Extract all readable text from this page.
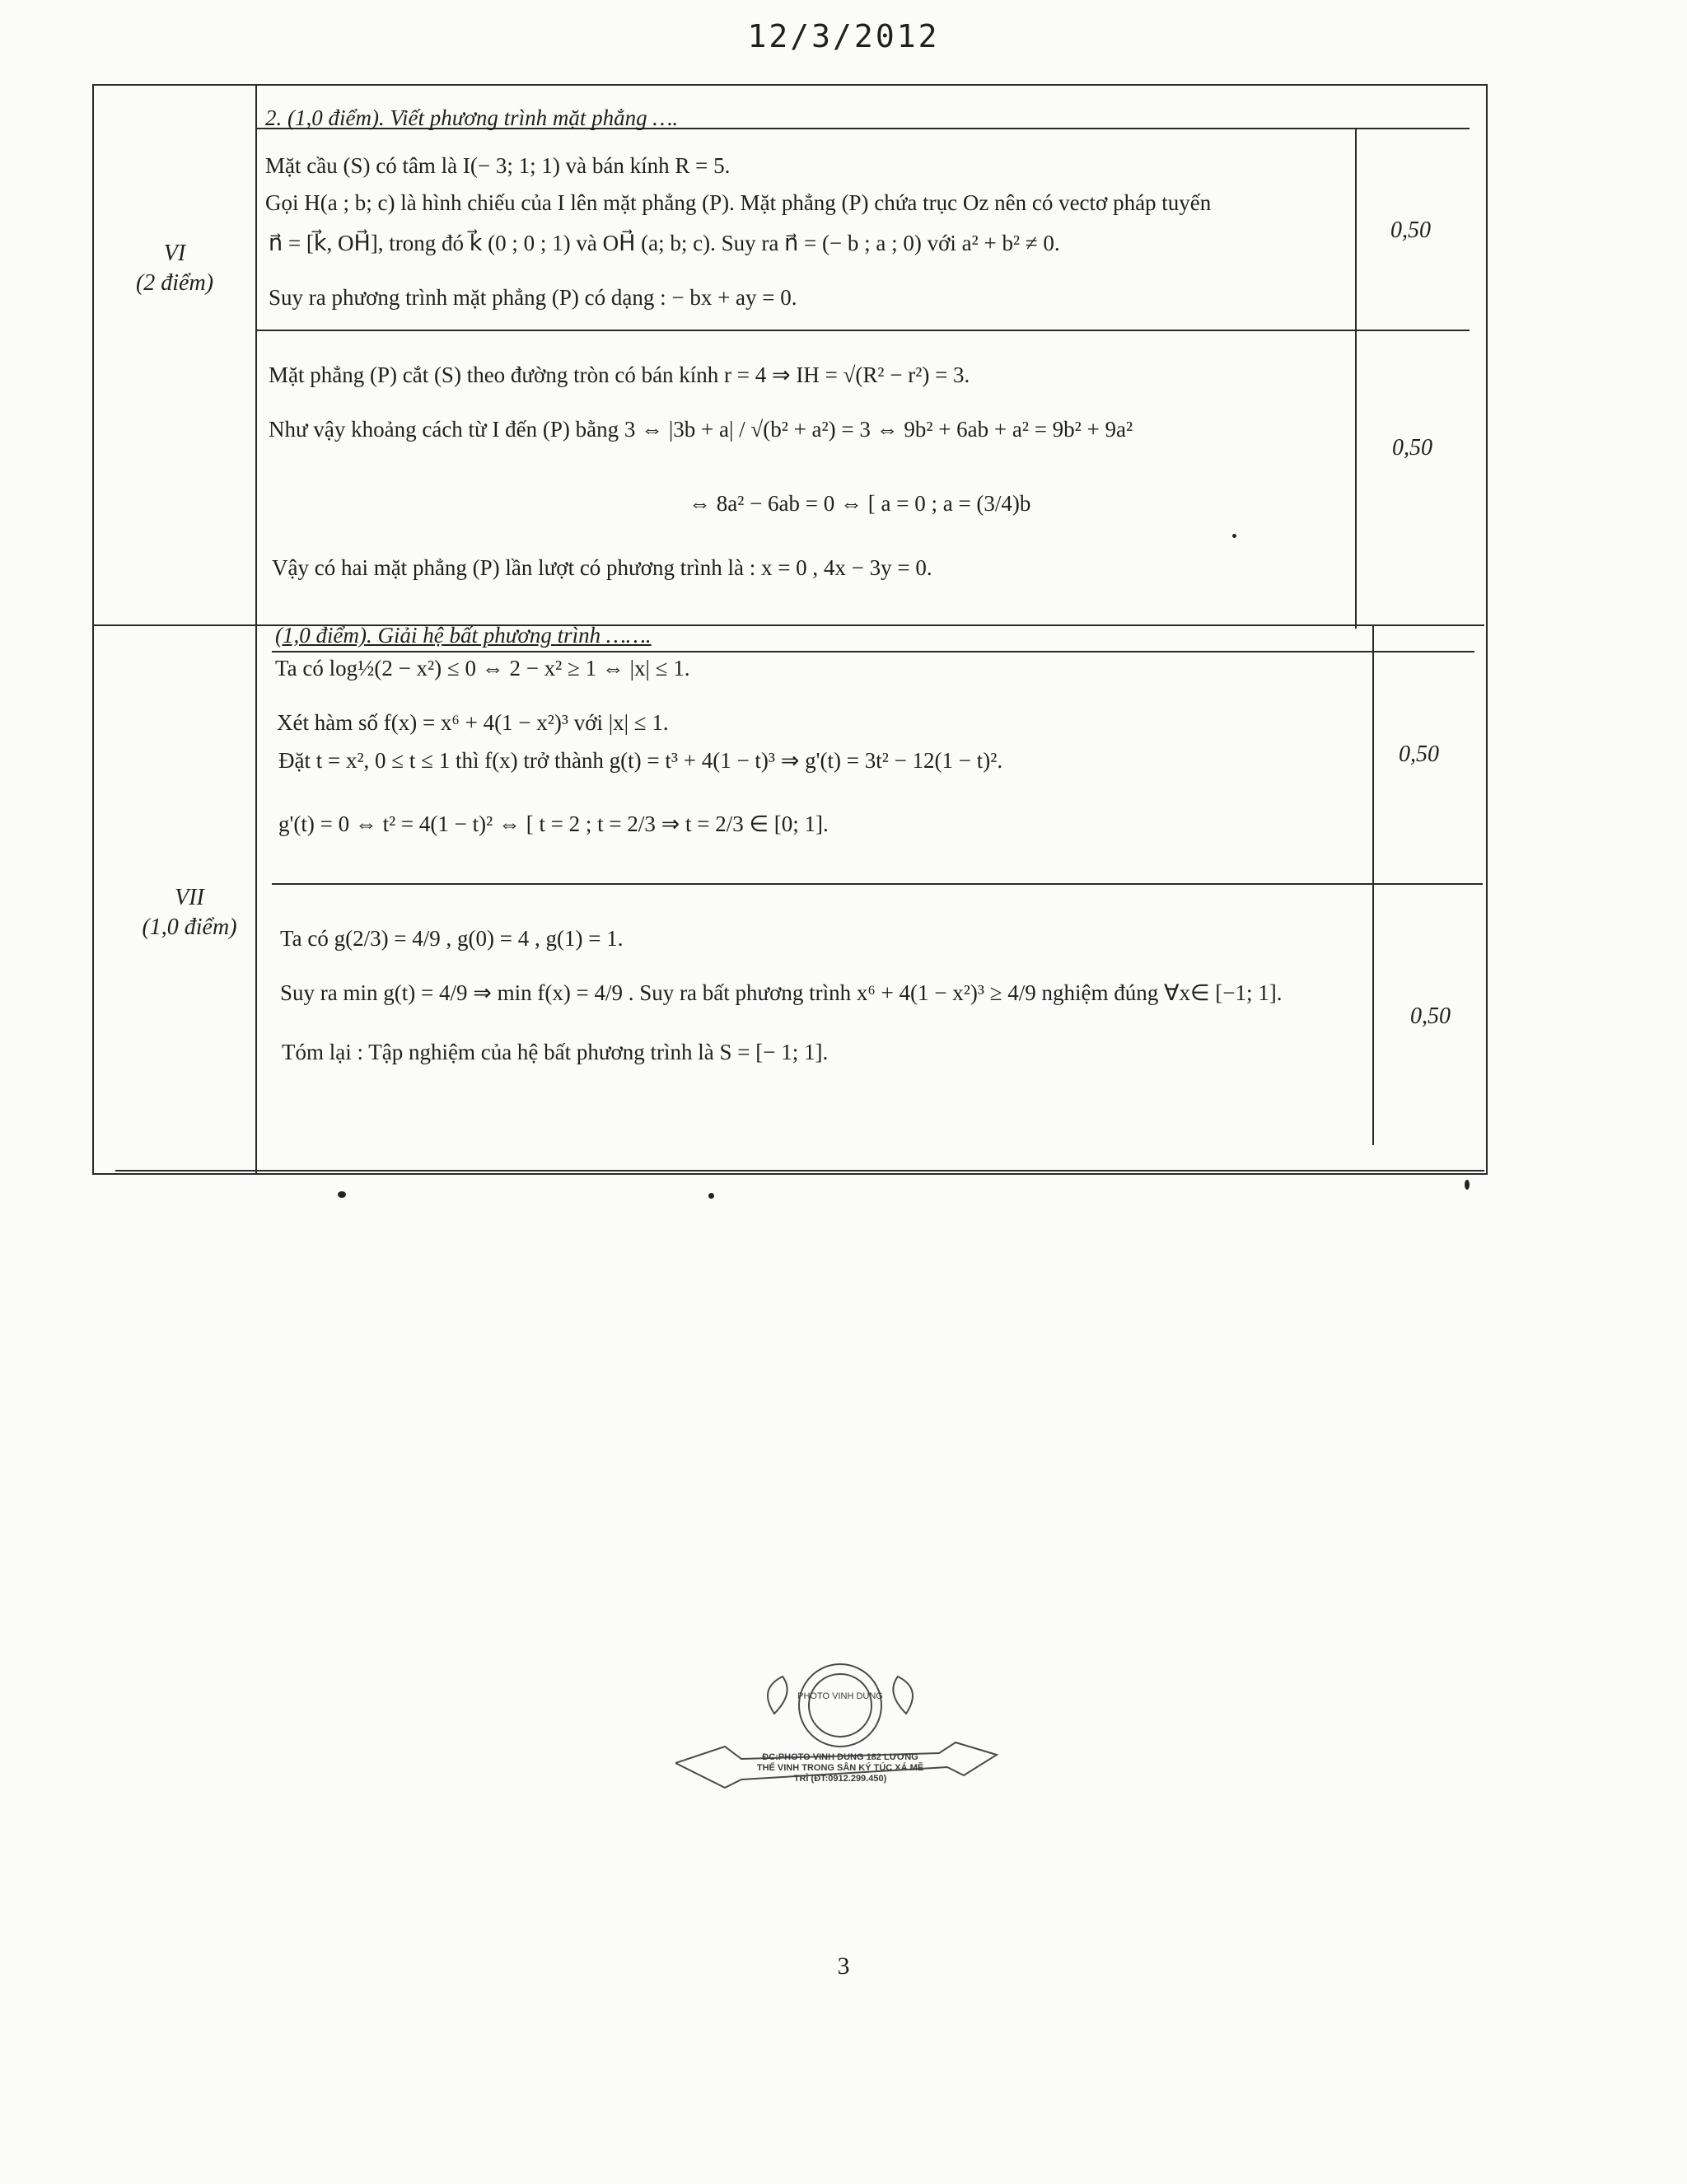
12/3/2012
VI
(2 điểm)
2. (1,0 điểm). Viết phương trình mặt phẳng ….
Mặt cầu (S) có tâm là I(− 3; 1; 1) và bán kính R = 5.
Gọi H(a ; b; c) là hình chiếu của I lên mặt phẳng (P). Mặt phẳng (P) chứa trục Oz nên có vectơ pháp tuyến
n⃗ = [k⃗, OH⃗], trong đó k⃗ (0 ; 0 ; 1) và OH⃗ (a; b; c). Suy ra n⃗ = (− b ; a ; 0) với a² + b² ≠ 0.
Suy ra phương trình mặt phẳng (P) có dạng : − bx + ay = 0.
0,50
Mặt phẳng (P) cắt (S) theo đường tròn có bán kính r = 4 ⇒ IH = √(R² − r²) = 3.
Như vậy khoảng cách từ I đến (P) bằng 3 ⇔ |3b + a| / √(b² + a²) = 3 ⇔ 9b² + 6ab + a² = 9b² + 9a²
⇔ 8a² − 6ab = 0 ⇔ [ a = 0 ; a = (3/4)b
Vậy có hai mặt phẳng (P) lần lượt có phương trình là : x = 0 , 4x − 3y = 0.
0,50
VII
(1,0 điểm)
(1,0 điểm). Giải hệ bất phương trình …….
Ta có log½(2 − x²) ≤ 0 ⇔ 2 − x² ≥ 1 ⇔ |x| ≤ 1.
Xét hàm số f(x) = x⁶ + 4(1 − x²)³ với |x| ≤ 1.
Đặt t = x², 0 ≤ t ≤ 1 thì f(x) trở thành g(t) = t³ + 4(1 − t)³ ⇒ g'(t) = 3t² − 12(1 − t)².
g'(t) = 0 ⇔ t² = 4(1 − t)² ⇔ [ t = 2 ; t = 2/3 ⇒ t = 2/3 ∈ [0; 1].
0,50
Ta có g(2/3) = 4/9 , g(0) = 4 , g(1) = 1.
Suy ra min g(t) = 4/9 ⇒ min f(x) = 4/9 . Suy ra bất phương trình x⁶ + 4(1 − x²)³ ≥ 4/9 nghiệm đúng ∀x∈ [−1; 1].
Tóm lại : Tập nghiệm của hệ bất phương trình là S = [− 1; 1].
0,50
PHOTO VINH DUNG
ĐC:PHOTO VINH DUNG 182 LƯƠNG
THẾ VINH TRONG SÂN KÝ TÚC XÁ MẼ
TRÌ (ĐT:0912.299.450)
3
